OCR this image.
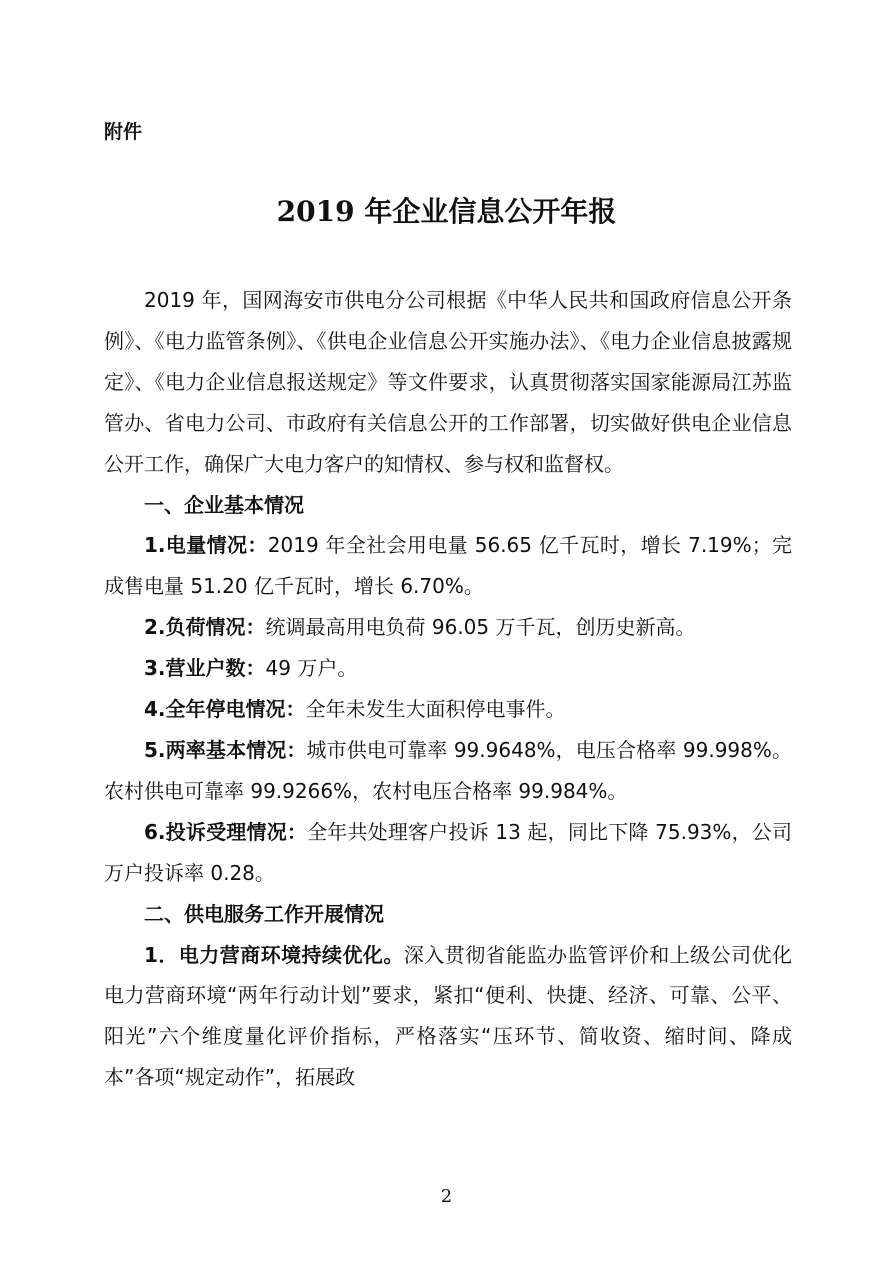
附件
2019 年企业信息公开年报

2019 年，国网海安市供电分公司根据《中华人民共和国政府信息公开条例》、《电力监管条例》、《供电企业信息公开实施办法》、《电力企业信息披露规定》、《电力企业信息报送规定》等文件要求，认真贯彻落实国家能源局江苏监管办、省电力公司、市政府有关信息公开的工作部署，切实做好供电企业信息公开工作，确保广大电力客户的知情权、参与权和监督权。

一、企业基本情况

1.电量情况：2019 年全社会用电量 56.65 亿千瓦时，增长 7.19%；完成售电量 51.20 亿千瓦时，增长 6.70%。

2.负荷情况：统调最高用电负荷 96.05 万千瓦，创历史新高。

3.营业户数：49 万户。

4.全年停电情况：全年未发生大面积停电事件。

5.两率基本情况：城市供电可靠率 99.9648%，电压合格率 99.998%。农村供电可靠率 99.9266%，农村电压合格率 99.984%。

6.投诉受理情况：全年共处理客户投诉 13 起，同比下降 75.93%，公司万户投诉率 0.28。

二、供电服务工作开展情况

1．电力营商环境持续优化。深入贯彻省能监办监管评价和上级公司优化电力营商环境“两年行动计划”要求，紧扣“便利、快捷、经济、可靠、公平、阳光”六个维度量化评价指标，严格落实“压环节、简收资、缩时间、降成本”各项“规定动作”，拓展政

2
